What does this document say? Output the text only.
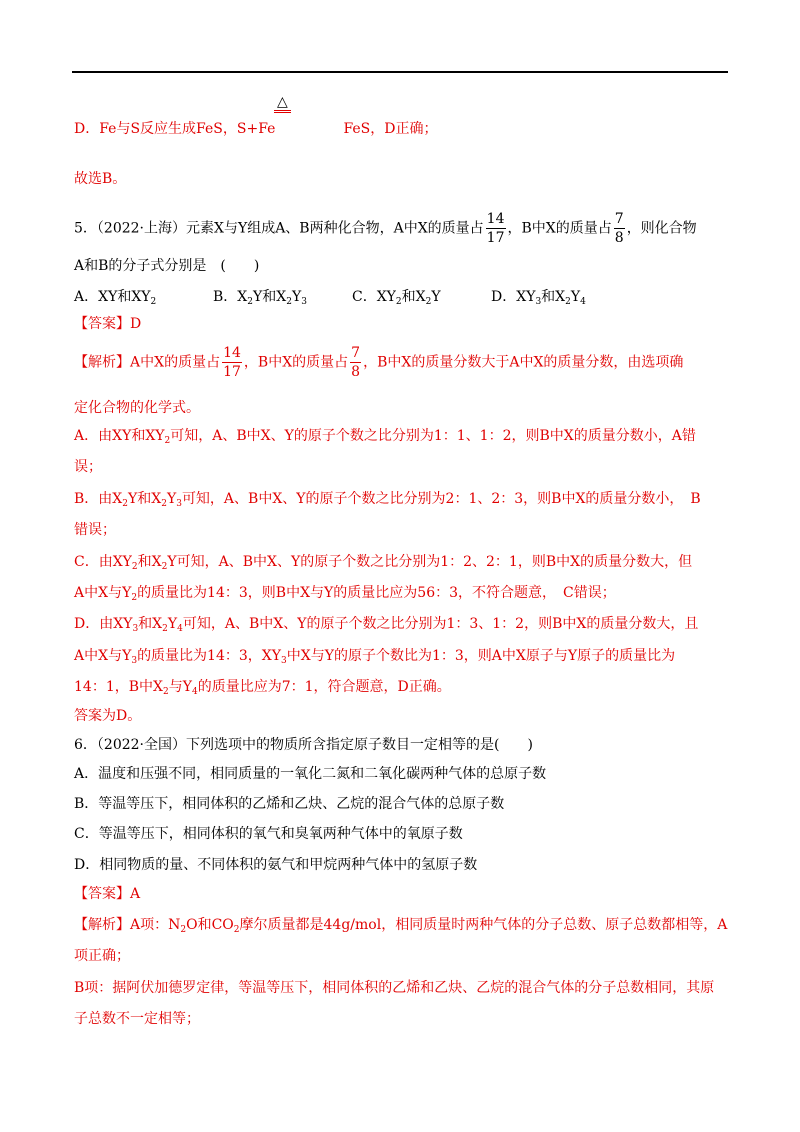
△
D．Fe与S反应生成FeS，S+Fe	FeS，D正确；
故选B。
5．（2022·上海）元素X与Y组成A、B两种化合物，A中X的质量占 $\frac{14}{17}$ ，B中X的质量占 $\frac{7}{8}$ ，则化合物
A和B的分子式分别是　(　　)
A．XY和$XY_2$	B．$X_2Y$和$X_2Y_3$	C．$XY_2$和$X_2Y$	D．$XY_3$和$X_2Y_4$
【答案】D
【解析】A中X的质量占 $\frac{14}{17}$ ，B中X的质量占 $\frac{7}{8}$ ，B中X的质量分数大于A中X的质量分数，由选项确
定化合物的化学式。
A．由XY和$XY_2$可知，A、B中X、Y的原子个数之比分别为1：1、1：2，则B中X的质量分数小，A错
误；
B．由$X_2Y$和$X_2Y_3$可知，A、B中X、Y的原子个数之比分别为2：1、2：3，则B中X的质量分数小，　B
错误；
C．由$XY_2$和$X_2Y$可知，A、B中X、Y的原子个数之比分别为1：2、2：1，则B中X的质量分数大，但
A中X与$Y_2$的质量比为14：3，则B中X与Y的质量比应为56：3，不符合题意，　C错误；
D．由$XY_3$和$X_2Y_4$可知，A、B中X、Y的原子个数之比分别为1：3、1：2，则B中X的质量分数大，且
A中X与$Y_3$的质量比为14：3，$XY_3$中X与Y的原子个数比为1：3，则A中X原子与Y原子的质量比为
14：1，B中$X_2$与$Y_4$的质量比应为7：1，符合题意，D正确。
答案为D。
6．（2022·全国）下列选项中的物质所含指定原子数目一定相等的是(　　)
A．温度和压强不同，相同质量的一氧化二氮和二氧化碳两种气体的总原子数
B．等温等压下，相同体积的乙烯和乙炔、乙烷的混合气体的总原子数
C．等温等压下，相同体积的氧气和臭氧两种气体中的氧原子数
D．相同物质的量、不同体积的氨气和甲烷两种气体中的氢原子数
【答案】A
【解析】A项：$N_2O$和$CO_2$摩尔质量都是44g/mol，相同质量时两种气体的分子总数、原子总数都相等，A
项正确；
B项：据阿伏加德罗定律，等温等压下，相同体积的乙烯和乙炔、乙烷的混合气体的分子总数相同，其原
子总数不一定相等；
